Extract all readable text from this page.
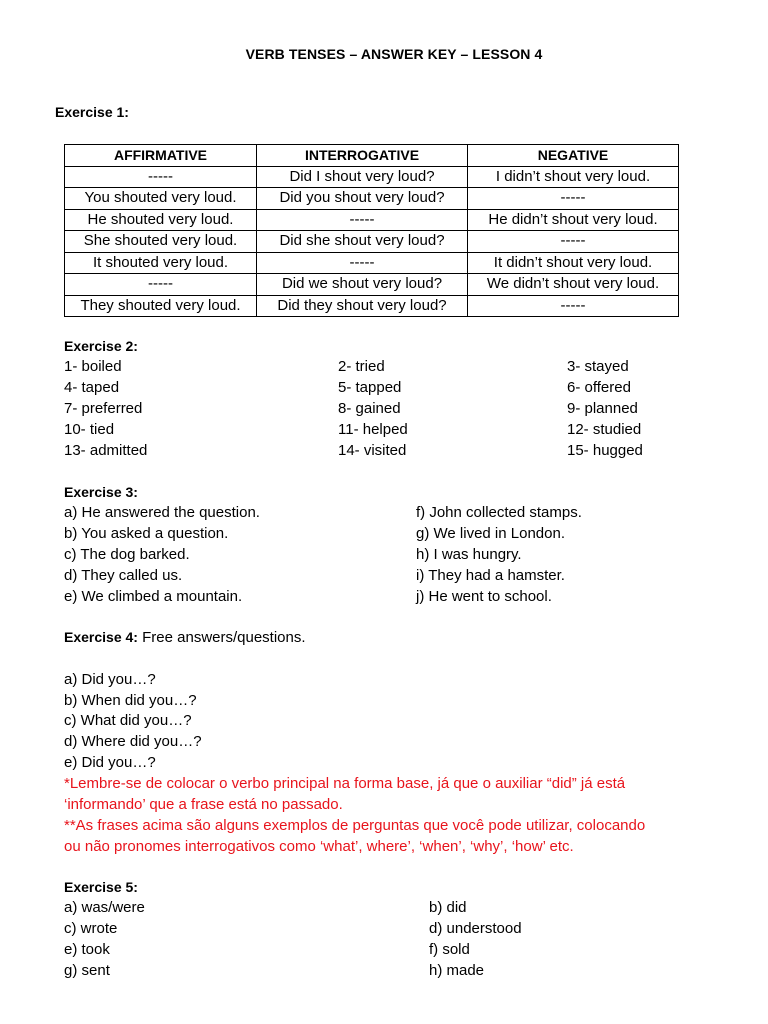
VERB TENSES – ANSWER KEY – LESSON 4
Exercise 1:
AFFIRMATIVE	INTERROGATIVE	NEGATIVE
-----	Did I shout very loud?	I didn’t shout very loud.
You shouted very loud.	Did you shout very loud?	-----
He shouted very loud.	-----	He didn’t shout very loud.
She shouted very loud.	Did she shout very loud?	-----
It shouted very loud.	-----	It didn’t shout very loud.
-----	Did we shout very loud?	We didn’t shout very loud.
They shouted very loud.	Did they shout very loud?	-----
Exercise 2:
1- boiled	2- tried	3- stayed
4- taped	5- tapped	6- offered
7- preferred	8- gained	9- planned
10- tied	11- helped	12- studied
13- admitted	14- visited	15- hugged
Exercise 3:
a) He answered the question.	f) John collected stamps.
b) You asked a question.	g) We lived in London.
c) The dog barked.	h) I was hungry.
d) They called us.	i) They had a hamster.
e) We climbed a mountain.	j) He went to school.
Exercise 4: Free answers/questions.
a) Did you…?
b) When did you…?
c) What did you…?
d) Where did you…?
e) Did you…?
*Lembre-se de colocar o verbo principal na forma base, já que o auxiliar “did” já está
‘informando’ que a frase está no passado.
**As frases acima são alguns exemplos de perguntas que você pode utilizar, colocando
ou não pronomes interrogativos como ‘what’, where’, ‘when’, ‘why’, ‘how’ etc.
Exercise 5:
a) was/were	b) did
c) wrote	d) understood
e) took	f) sold
g) sent	h) made
